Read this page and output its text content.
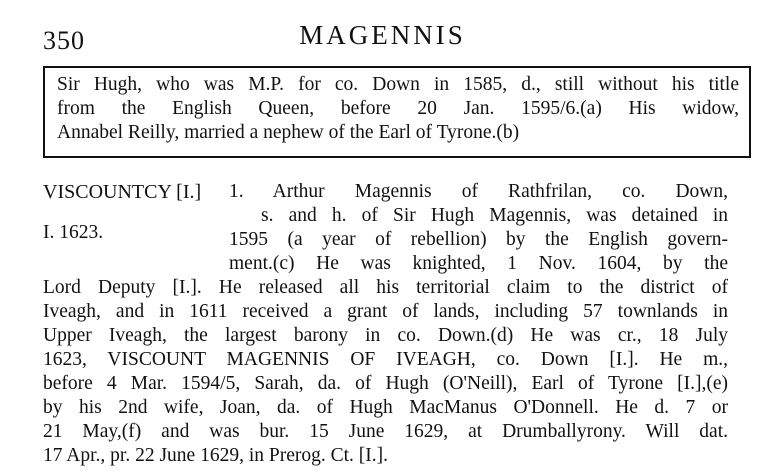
350	MAGENNIS
Sir Hugh, who was M.P. for co. Down in 1585, d., still without his title
from the English Queen, before 20 Jan. 1595/6.(a) His widow,
Annabel Reilly, married a nephew of the Earl of Tyrone.(b)
VISCOUNTCY [I.]
I. 1623.
1. Arthur Magennis of Rathfrilan, co. Down,
s. and h. of Sir Hugh Magennis, was detained in
1595 (a year of rebellion) by the English govern-
ment.(c) He was knighted, 1 Nov. 1604, by the
Lord Deputy [I.]. He released all his territorial claim to the district of
Iveagh, and in 1611 received a grant of lands, including 57 townlands in
Upper Iveagh, the largest barony in co. Down.(d) He was cr., 18 July
1623, VISCOUNT MAGENNIS OF IVEAGH, co. Down [I.]. He m.,
before 4 Mar. 1594/5, Sarah, da. of Hugh (O'Neill), Earl of Tyrone [I.],(e)
by his 2nd wife, Joan, da. of Hugh MacManus O'Donnell. He d. 7 or
21 May,(f) and was bur. 15 June 1629, at Drumballyrony. Will dat.
17 Apr., pr. 22 June 1629, in Prerog. Ct. [I.].
